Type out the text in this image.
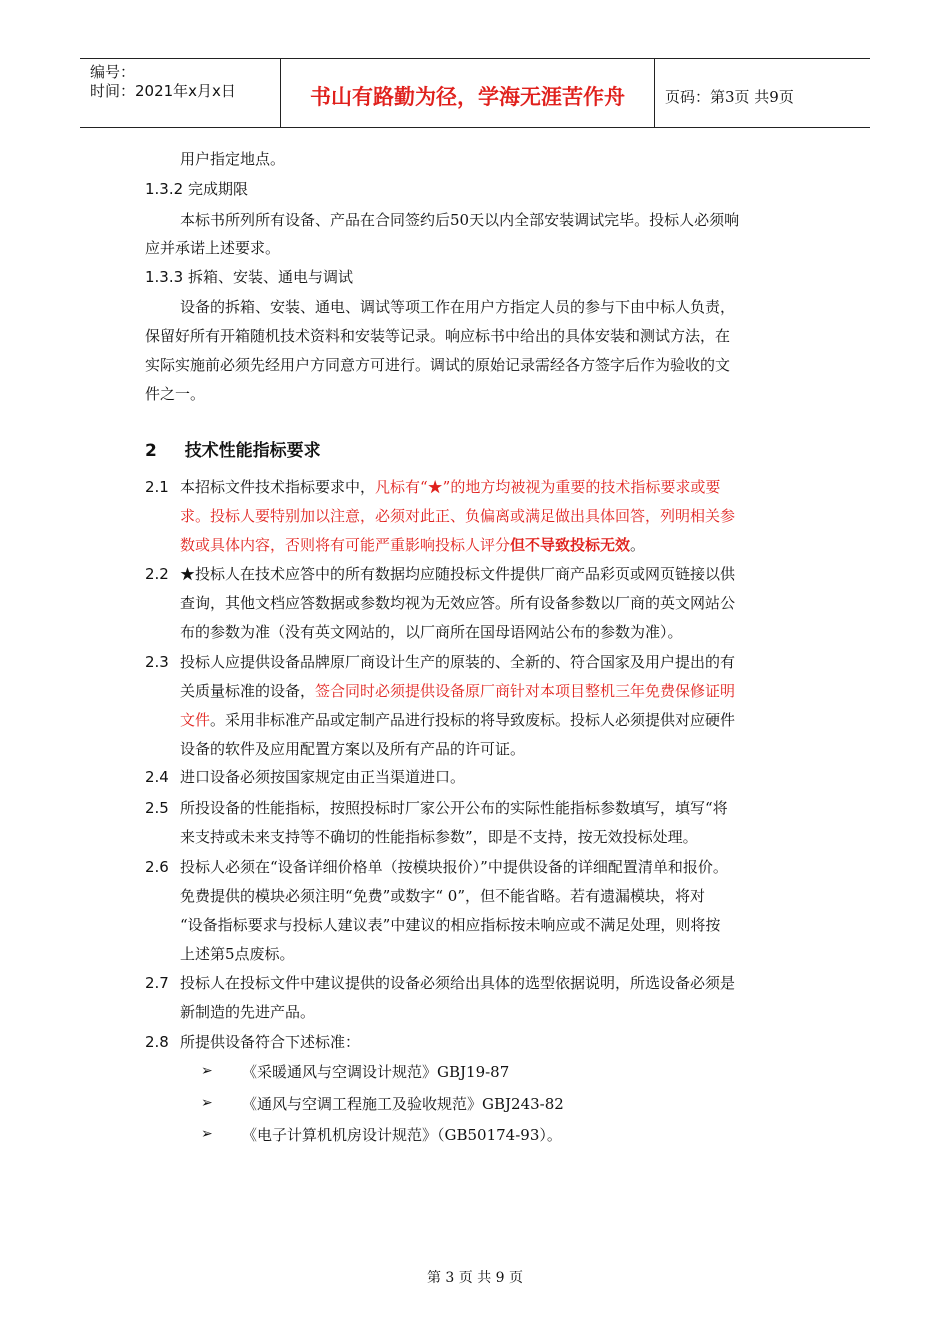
编号：
时间：2021年x月x日	书山有路勤为径，学海无涯苦作舟	页码：第3页 共9页
用户指定地点。
1.3.2 完成期限
本标书所列所有设备、产品在合同签约后50天以内全部安装调试完毕。投标人必须响
应并承诺上述要求。
1.3.3 拆箱、安装、通电与调试
设备的拆箱、安装、通电、调试等项工作在用户方指定人员的参与下由中标人负责，
保留好所有开箱随机技术资料和安装等记录。响应标书中给出的具体安装和测试方法，在
实际实施前必须先经用户方同意方可进行。调试的原始记录需经各方签字后作为验收的文
件之一。
2 技术性能指标要求
2.1 本招标文件技术指标要求中，凡标有“★”的地方均被视为重要的技术指标要求或要
求。投标人要特别加以注意，必须对此正、负偏离或满足做出具体回答，列明相关参
数或具体内容，否则将有可能严重影响投标人评分但不导致投标无效。
2.2 ★投标人在技术应答中的所有数据均应随投标文件提供厂商产品彩页或网页链接以供
查询，其他文档应答数据或参数均视为无效应答。所有设备参数以厂商的英文网站公
布的参数为准（没有英文网站的，以厂商所在国母语网站公布的参数为准）。
2.3 投标人应提供设备品牌原厂商设计生产的原装的、全新的、符合国家及用户提出的有
关质量标准的设备，签合同时必须提供设备原厂商针对本项目整机三年免费保修证明
文件。采用非标准产品或定制产品进行投标的将导致废标。投标人必须提供对应硬件
设备的软件及应用配置方案以及所有产品的许可证。
2.4 进口设备必须按国家规定由正当渠道进口。
2.5 所投设备的性能指标，按照投标时厂家公开公布的实际性能指标参数填写，填写“将
来支持或未来支持等不确切的性能指标参数”，即是不支持，按无效投标处理。
2.6 投标人必须在“设备详细价格单（按模块报价）”中提供设备的详细配置清单和报价。
免费提供的模块必须注明“免费”或数字“ 0”，但不能省略。若有遗漏模块，将对
“设备指标要求与投标人建议表”中建议的相应指标按未响应或不满足处理，则将按
上述第5点废标。
2.7 投标人在投标文件中建议提供的设备必须给出具体的选型依据说明，所选设备必须是
新制造的先进产品。
2.8 所提供设备符合下述标准：
➢ 《采暖通风与空调设计规范》GBJ19-87
➢ 《通风与空调工程施工及验收规范》GBJ243-82
➢ 《电子计算机机房设计规范》（GB50174-93）。
第 3 页 共 9 页
